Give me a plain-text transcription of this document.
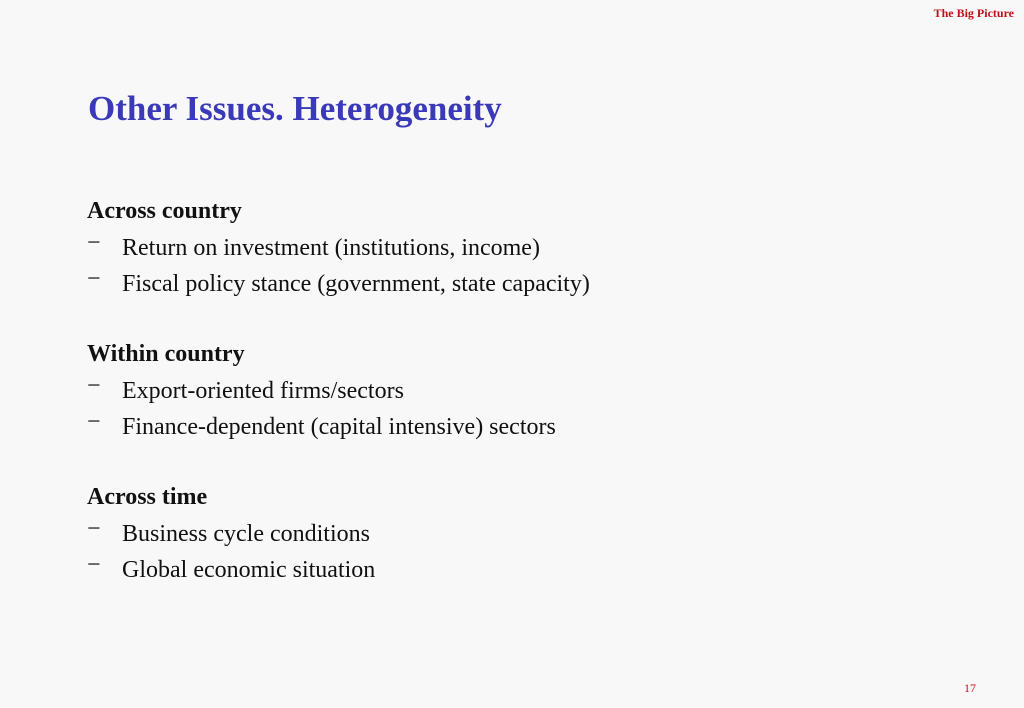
The Big Picture
Other Issues. Heterogeneity
Across country
− Return on investment (institutions, income)
− Fiscal policy stance (government, state capacity)
Within country
− Export-oriented firms/sectors
− Finance-dependent (capital intensive) sectors
Across time
− Business cycle conditions
− Global economic situation
17
